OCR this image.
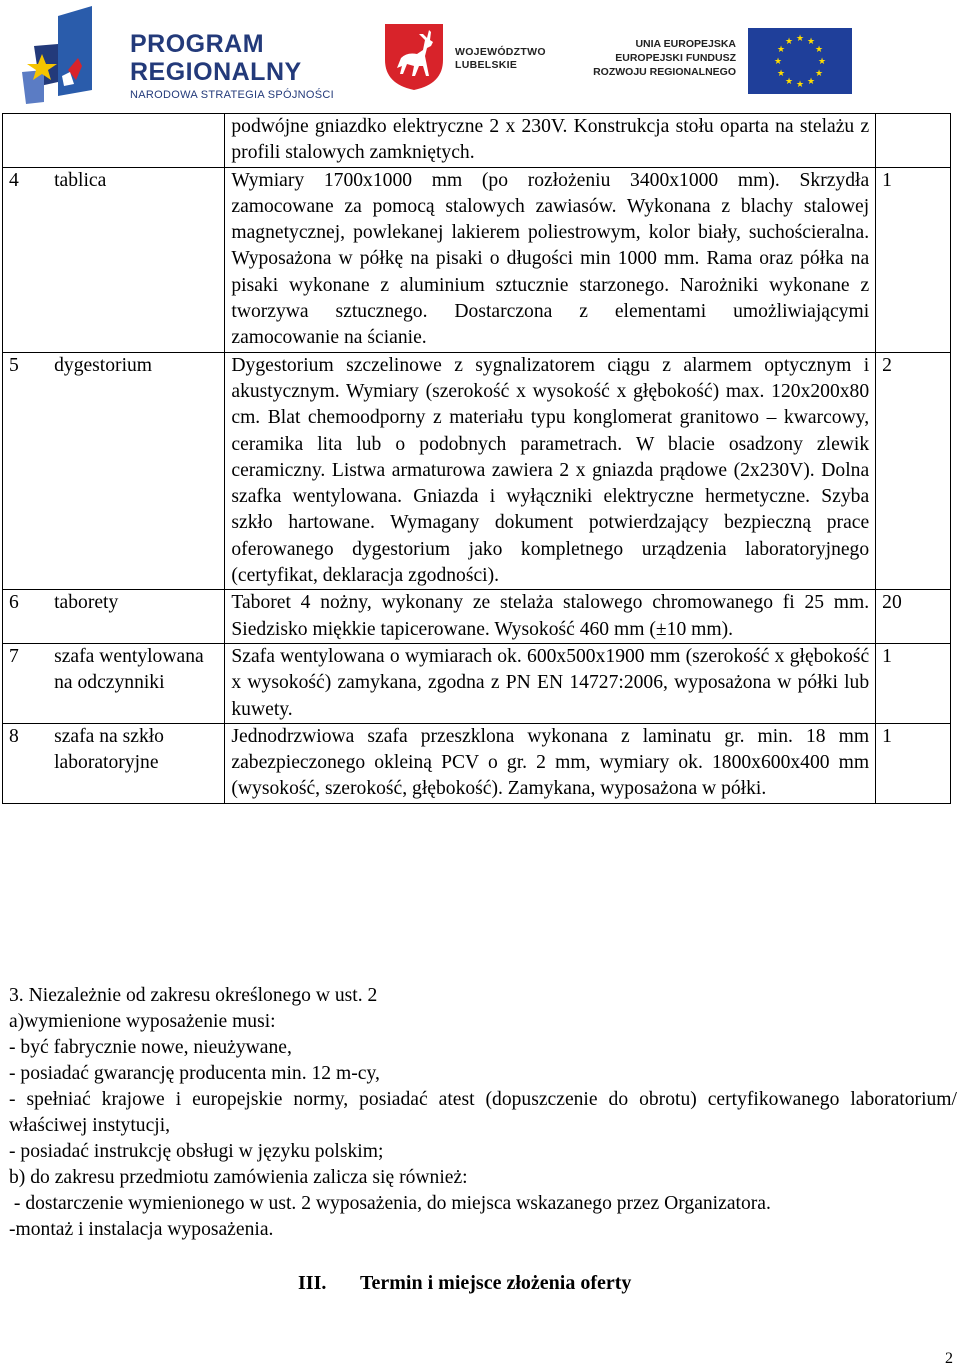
PROGRAM
REGIONALNY
NARODOWA STRATEGIA SPÓJNOŚCI
WOJEWÓDZTWO
LUBELSKIE
UNIA EUROPEJSKA
EUROPEJSKI FUNDUSZ
ROZWOJU REGIONALNEGO
★ ★
★
★
★
★
★
★
★
★
★
★
		podwójne gniazdko elektryczne 2 x 230V. Konstrukcja stołu oparta na stelażu z profili stalowych zamkniętych.	
4	tablica	Wymiary 1700x1000 mm (po rozłożeniu 3400x1000 mm). Skrzydła zamocowane za pomocą stalowych zawiasów. Wykonana z blachy stalowej magnetycznej, powlekanej lakierem poliestrowym, kolor biały, suchościeralna. Wyposażona w półkę na pisaki o długości min 1000 mm. Rama oraz półka na pisaki wykonane z aluminium sztucznie starzonego. Narożniki wykonane z tworzywa sztucznego. Dostarczona z elementami umożliwiającymi zamocowanie na ścianie.	1
5	dygestorium	Dygestorium szczelinowe z sygnalizatorem ciągu z alarmem optycznym i akustycznym. Wymiary (szerokość x wysokość x głębokość) max. 120x200x80 cm. Blat chemoodporny z materiału typu konglomerat granitowo – kwarcowy, ceramika lita lub o podobnych parametrach. W blacie osadzony zlewik ceramiczny. Listwa armaturowa zawiera 2 x gniazda prądowe (2x230V). Dolna szafka wentylowana. Gniazda i wyłączniki elektryczne hermetyczne. Szyba szkło hartowane. Wymagany dokument potwierdzający bezpieczną prace oferowanego dygestorium jako kompletnego urządzenia laboratoryjnego (certyfikat, deklaracja zgodności).	2
6	taborety	Taboret 4 nożny, wykonany ze stelaża stalowego chromowanego fi 25 mm. Siedzisko miękkie tapicerowane. Wysokość 460 mm (±10 mm).	20
7	szafa wentylowana na odczynniki	Szafa wentylowana o wymiarach ok. 600x500x1900 mm (szerokość x głębokość x wysokość) zamykana, zgodna z PN EN 14727:2006, wyposażona w półki lub kuwety.	1
8	szafa na szkło laboratoryjne	Jednodrzwiowa szafa przeszklona wykonana z laminatu gr. min. 18 mm zabezpieczonego okleiną PCV o gr. 2 mm, wymiary ok. 1800x600x400 mm (wysokość, szerokość, głębokość). Zamykana, wyposażona w półki.	1

3. Niezależnie od zakresu określonego w ust. 2

a)wymienione wyposażenie musi:

- być fabrycznie nowe, nieużywane,

- posiadać gwarancję producenta min. 12 m-cy,

- spełniać krajowe i europejskie normy, posiadać atest (dopuszczenie do obrotu) certyfikowanego laboratorium/ właściwej instytucji,

- posiadać instrukcję obsługi w języku polskim;

b) do zakresu przedmiotu zamówienia zalicza się również:

- dostarczenie wymienionego w ust. 2 wyposażenia, do miejsca wskazanego przez Organizatora.

-montaż i instalacja wyposażenia.

III. Termin i miejsce złożenia oferty
2
